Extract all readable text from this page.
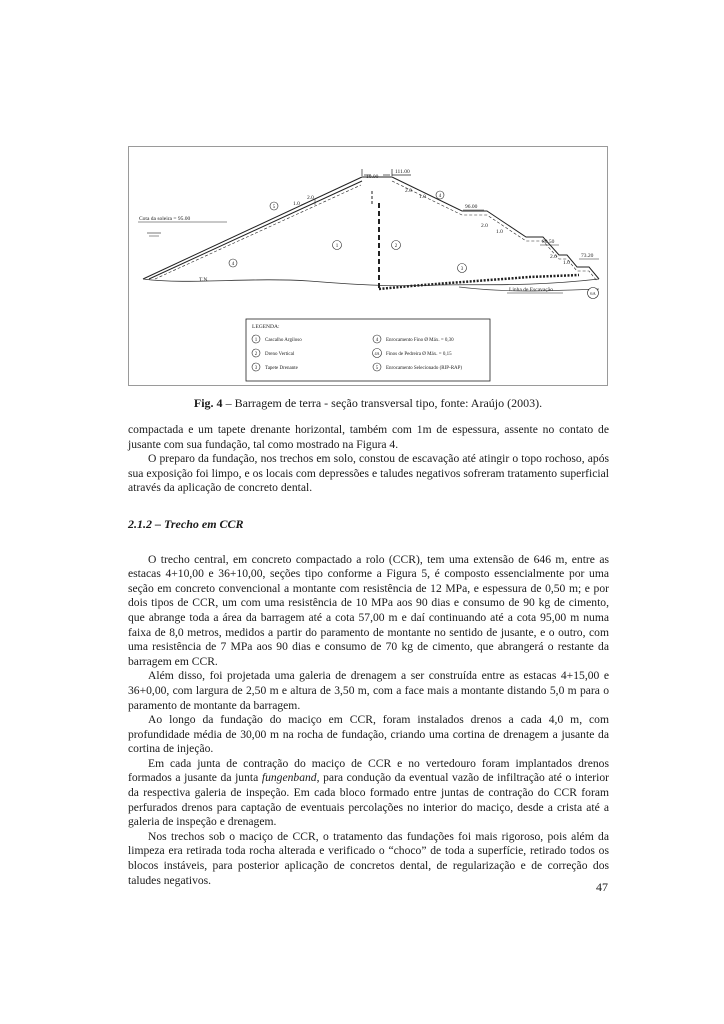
10.00
111.00
96.00
80.50
73.20
2.0
1.0
2.0
1.0
2.0
1.0
2.0
1.0
Cota da soleira = 95.00
T.N.
Linha de Escavação
5
4
1	2
3
4
6A
LEGENDA:
1 Cascalho Argiloso
2 Dreno Vertical
3 Tapete Drenante
4 Enrocamento Fino Ø Máx. = 0,30
4A Finos de Pedreira Ø Máx. = 0,15
5 Enrocamento Selecionado (RIP-RAP)
Fig. 4 – Barragem de terra - seção transversal tipo, fonte: Araújo (2003).

compactada e um tapete drenante horizontal, também com 1m de espessura, assente no contato de jusante com sua fundação, tal como mostrado na Figura 4.

O preparo da fundação, nos trechos em solo, constou de escavação até atingir o topo rochoso, após sua exposição foi limpo, e os locais com depressões e taludes negativos sofreram tratamento superficial através da aplicação de concreto dental.

2.1.2 – Trecho em CCR

O trecho central, em concreto compactado a rolo (CCR), tem uma extensão de 646 m, entre as estacas 4+10,00 e 36+10,00, seções tipo conforme a Figura 5, é composto essencialmente por uma seção em concreto convencional a montante com resistência de 12 MPa, e espessura de 0,50 m; e por dois tipos de CCR, um com uma resistência de 10 MPa aos 90 dias e consumo de 90 kg de cimento, que abrange toda a área da barragem até a cota 57,00 m e daí continuando até a cota 95,00 m numa faixa de 8,0 metros, medidos a partir do paramento de montante no sentido de jusante, e o outro, com uma resistência de 7 MPa aos 90 dias e consumo de 70 kg de cimento, que abrangerá o restante da barragem em CCR.

Além disso, foi projetada uma galeria de drenagem a ser construída entre as estacas 4+15,00 e 36+0,00, com largura de 2,50 m e altura de 3,50 m, com a face mais a montante distando 5,0 m para o paramento de montante da barragem.

Ao longo da fundação do maciço em CCR, foram instalados drenos a cada 4,0 m, com profundidade média de 30,00 m na rocha de fundação, criando uma cortina de drenagem a jusante da cortina de injeção.

Em cada junta de contração do maciço de CCR e no vertedouro foram implantados drenos formados a jusante da junta fungenband, para condução da eventual vazão de infiltração até o interior da respectiva galeria de inspeção. Em cada bloco formado entre juntas de contração do CCR foram perfurados drenos para captação de eventuais percolações no interior do maciço, desde a crista até a galeria de inspeção e drenagem.

Nos trechos sob o maciço de CCR, o tratamento das fundações foi mais rigoroso, pois além da limpeza era retirada toda rocha alterada e verificado o “choco” de toda a superfície, retirado todos os blocos instáveis, para posterior aplicação de concretos dental, de regularização e de correção dos taludes negativos.	47
